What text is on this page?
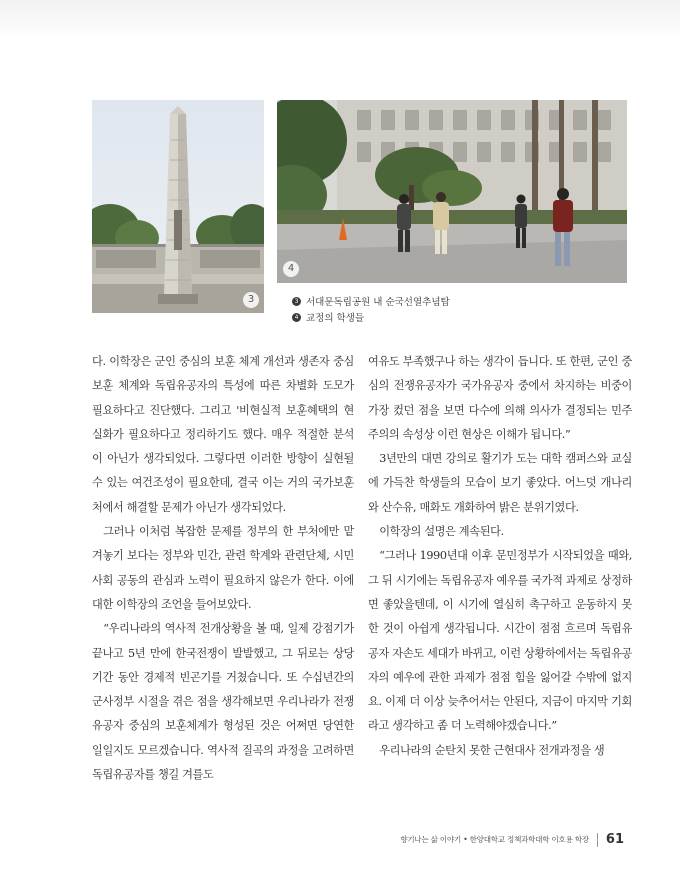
3
4
3 서대문독립공원 내 순국선열추념탑
4 교정의 학생들

다. 이학장은 군인 중심의 보훈 체계 개선과 생존자 중심 보훈 체계와 독립유공자의 특성에 따른 차별화 도모가 필요하다고 진단했다. 그리고 '비현실적 보훈혜택의 현실화가 필요하다고 정리하기도 했다. 매우 적절한 분석이 아닌가 생각되었다. 그렇다면 이러한 방향이 실현될 수 있는 여건조성이 필요한데, 결국 이는 거의 국가보훈처에서 해결할 문제가 아닌가 생각되었다.

그러나 이처럼 복잡한 문제를 정부의 한 부처에만 맡겨놓기 보다는 정부와 민간, 관련 학계와 관련단체, 시민사회 공동의 관심과 노력이 필요하지 않은가 한다. 이에 대한 이학장의 조언을 들어보았다.

“우리나라의 역사적 전개상황을 볼 때, 일제 강점기가 끝나고 5년 만에 한국전쟁이 발발했고, 그 뒤로는 상당기간 동안 경제적 빈곤기를 거쳤습니다. 또 수십년간의 군사정부 시절을 겪은 점을 생각해보면 우리나라가 전쟁유공자 중심의 보훈체계가 형성된 것은 어쩌면 당연한 일일지도 모르겠습니다. 역사적 질곡의 과정을 고려하면 독립유공자를 챙길 겨를도

여유도 부족했구나 하는 생각이 듭니다. 또 한편, 군인 중심의 전쟁유공자가 국가유공자 중에서 차지하는 비중이 가장 컸던 점을 보면 다수에 의해 의사가 결정되는 민주주의의 속성상 이런 현상은 이해가 됩니다.”

3년만의 대면 강의로 활기가 도는 대학 캠퍼스와 교실에 가득찬 학생들의 모습이 보기 좋았다. 어느덧 개나리와 산수유, 매화도 개화하여 밝은 분위기였다.

이학장의 설명은 계속된다.

“그러나 1990년대 이후 문민정부가 시작되었을 때와, 그 뒤 시기에는 독립유공자 예우를 국가적 과제로 상정하면 좋았을텐데, 이 시기에 열심히 촉구하고 운동하지 못한 것이 아쉽게 생각됩니다. 시간이 점점 흐르며 독립유공자 자손도 세대가 바뀌고, 이런 상황하에서는 독립유공자의 예우에 관한 과제가 점점 힘을 잃어갈 수밖에 없지요. 이제 더 이상 늦추어서는 안된다, 지금이 마지막 기회라고 생각하고 좀 더 노력해야겠습니다.”

우리나라의 순탄치 못한 근현대사 전개과정을 생

향기나는 삶 이야기 • 한양대학교 정책과학대학 이호용 학장 61
